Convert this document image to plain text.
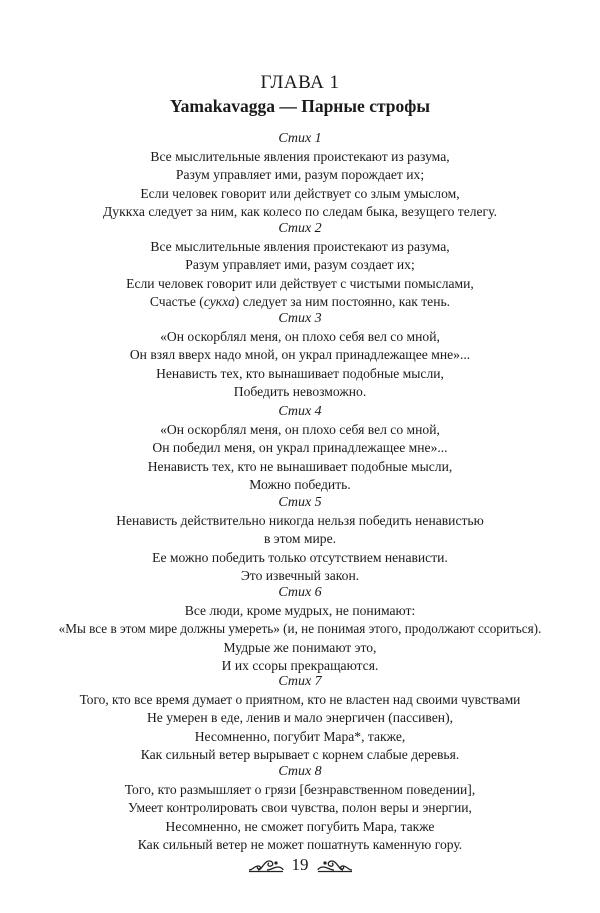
ГЛАВА 1
Yamakavagga — Парные строфы
Стих 1
Все мыслительные явления проистекают из разума,
Разум управляет ими, разум порождает их;
Если человек говорит или действует со злым умыслом,
Дуккха следует за ним, как колесо по следам быка, везущего телегу.
Стих 2
Все мыслительные явления проистекают из разума,
Разум управляет ими, разум создает их;
Если человек говорит или действует с чистыми помыслами,
Счастье (сукха) следует за ним постоянно, как тень.
Стих 3
«Он оскорблял меня, он плохо себя вел со мной,
Он взял вверх надо мной, он украл принадлежащее мне»...
Ненависть тех, кто вынашивает подобные мысли,
Победить невозможно.
Стих 4
«Он оскорблял меня, он плохо себя вел со мной,
Он победил меня, он украл принадлежащее мне»...
Ненависть тех, кто не вынашивает подобные мысли,
Можно победить.
Стих 5
Ненависть действительно никогда нельзя победить ненавистью
в этом мире.
Ее можно победить только отсутствием ненависти.
Это извечный закон.
Стих 6
Все люди, кроме мудрых, не понимают:
«Мы все в этом мире должны умереть» (и, не понимая этого, продолжают ссориться).
Мудрые же понимают это,
И их ссоры прекращаются.
Стих 7
Того, кто все время думает о приятном, кто не властен над своими чувствами
Не умерен в еде, ленив и мало энергичен (пассивен),
Несомненно, погубит Мара*, также,
Как сильный ветер вырывает с корнем слабые деревья.
Стих 8
Того, кто размышляет о грязи [безнравственном поведении],
Умеет контролировать свои чувства, полон веры и энергии,
Несомненно, не сможет погубить Мара, также
Как сильный ветер не может пошатнуть каменную гору.
19
